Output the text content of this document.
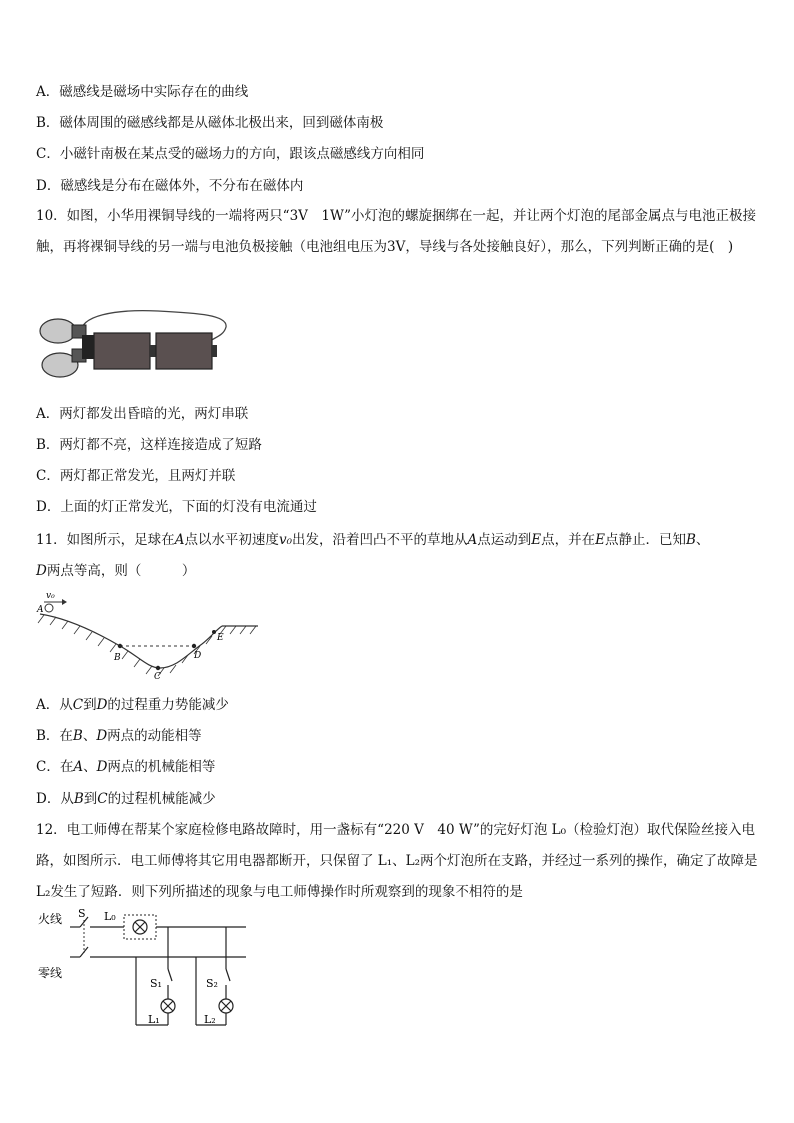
A．磁感线是磁场中实际存在的曲线
B．磁体周围的磁感线都是从磁体北极出来，回到磁体南极
C．小磁针南极在某点受的磁场力的方向，跟该点磁感线方向相同
D．磁感线是分布在磁体外，不分布在磁体内
10．如图，小华用裸铜导线的一端将两只“3V　1W”小灯泡的螺旋捆绑在一起，并让两个灯泡的尾部金属点与电池正极接触，再将裸铜导线的另一端与电池负极接触（电池组电压为3V，导线与各处接触良好），那么，下列判断正确的是(　)
A．两灯都发出昏暗的光，两灯串联
B．两灯都不亮，这样连接造成了短路
C．两灯都正常发光，且两灯并联
D．上面的灯正常发光，下面的灯没有电流通过
11．如图所示，足球在A点以水平初速度v₀出发，沿着凹凸不平的草地从A点运动到E点，并在E点静止．已知B、
D两点等高，则（　　　）
v₀
A
B
C
D
E
A．从C到D的过程重力势能减少
B．在B、D两点的动能相等
C．在A、D两点的机械能相等
D．从B到C的过程机械能减少
12．电工师傅在帮某个家庭检修电路故障时，用一盏标有“220 V　40 W”的完好灯泡 L₀（检验灯泡）取代保险丝接入电路，如图所示．电工师傅将其它用电器都断开，只保留了 L₁、L₂两个灯泡所在支路，并经过一系列的操作，确定了故障是 L₂发生了短路．则下列所描述的现象与电工师傅操作时所观察到的现象不相符的是
火线
零线
S L₀
S₁
L₁
S₂
L₂
